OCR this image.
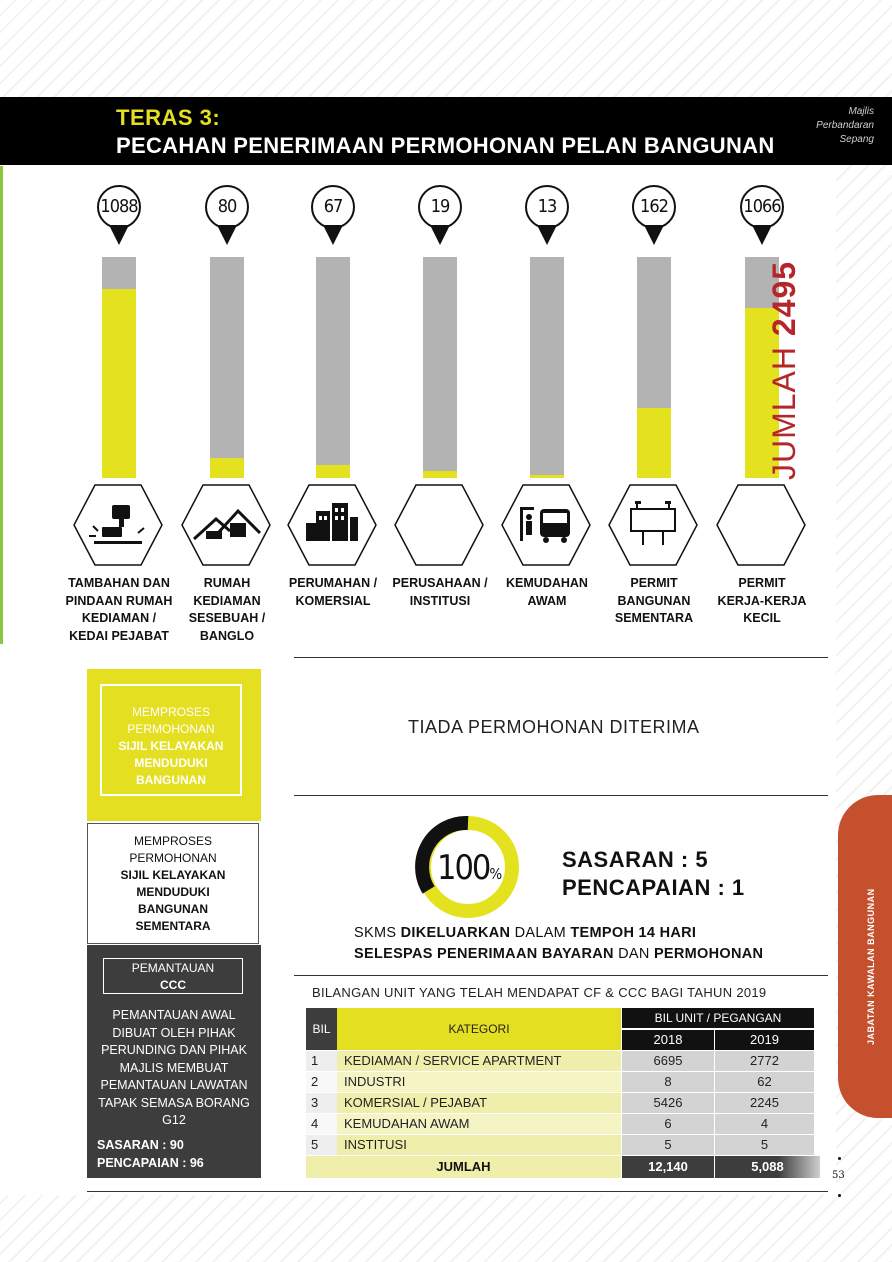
TERAS 3:
PECAHAN PENERIMAAN PERMOHONAN PELAN BANGUNAN
Majlis
Perbandaran
Sepang
1088
TAMBAHAN DAN
PINDAAN RUMAH
KEDIAMAN /
KEDAI PEJABAT
80
RUMAH
KEDIAMAN
SESEBUAH /
BANGLO
67
PERUMAHAN /
KOMERSIAL
19
PERUSAHAAN /
INSTITUSI
13
KEMUDAHAN
AWAM
162
PERMIT
BANGUNAN
SEMENTARA
1066
PERMIT
KERJA-KERJA
KECIL
JUMLAH 2495
MEMPROSES
PERMOHONAN
SIJIL KELAYAKAN
MENDUDUKI
BANGUNAN
MEMPROSES
PERMOHONAN
SIJIL KELAYAKAN
MENDUDUKI
BANGUNAN
SEMENTARA
PEMANTAUAN
CCC
PEMANTAUAN AWAL
DIBUAT OLEH PIHAK
PERUNDING DAN PIHAK
MAJLIS MEMBUAT
PEMANTAUAN LAWATAN
TAPAK SEMASA BORANG
G12
SASARAN : 90
PENCAPAIAN : 96
TIADA PERMOHONAN DITERIMA
100%
SASARAN : 5
PENCAPAIAN : 1
SKMS DIKELUARKAN DALAM TEMPOH 14 HARI
SELESPAS PENERIMAAN BAYARAN DAN PERMOHONAN
BILANGAN UNIT YANG TELAH MENDAPAT CF & CCC BAGI TAHUN 2019
BIL	KATEGORI
BIL UNIT / PEGANGAN
2018	2019
1	KEDIAMAN / SERVICE APARTMENT	6695	2772
2	INDUSTRI	8	62
3	KOMERSIAL / PEJABAT	5426	2245
4	KEMUDAHAN AWAM	6	4
5	INSTITUSI	5	5
JUMLAH	12,140	5,088
JABATAN KAWALAN BANGUNAN
53
